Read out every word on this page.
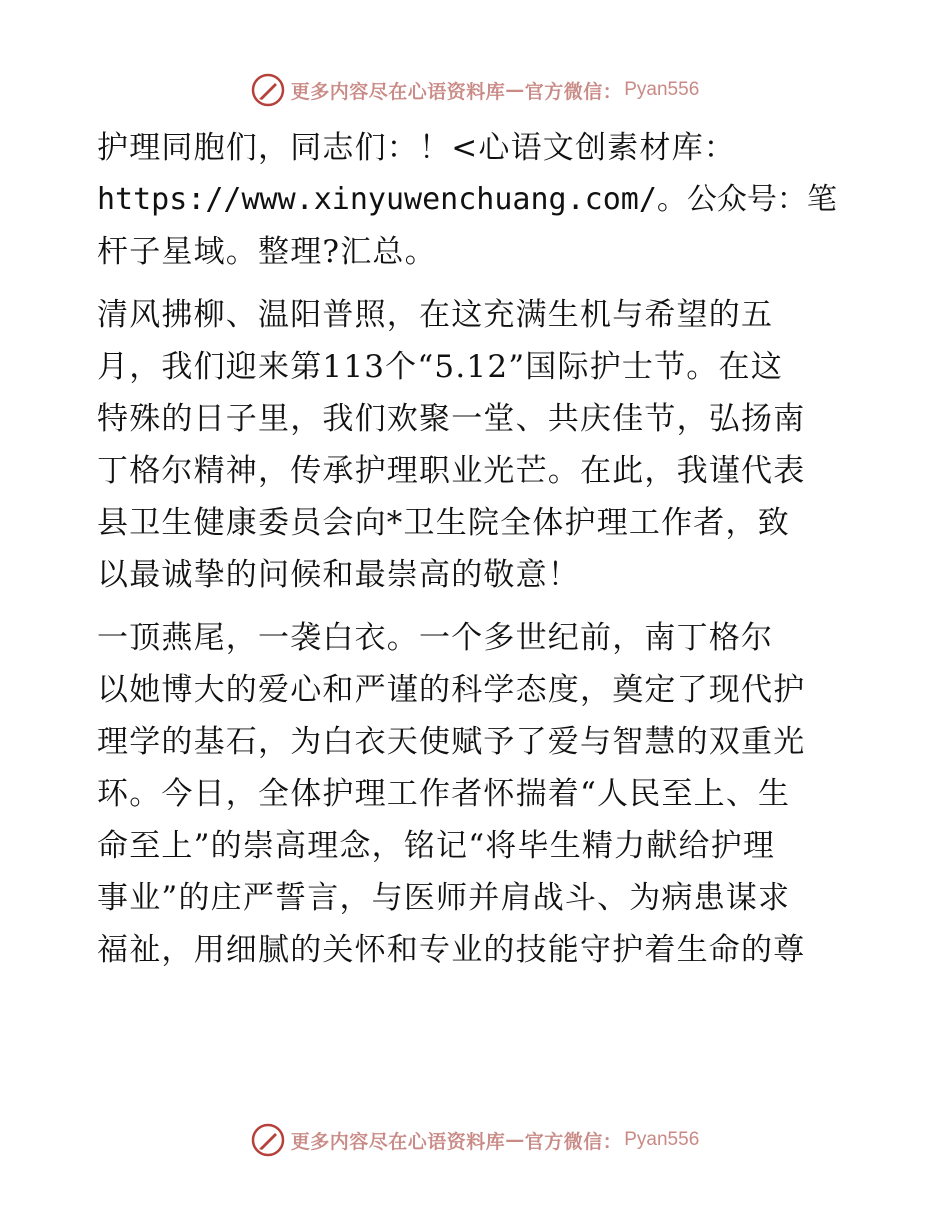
更多内容尽在心语资料库 — 官方微信： Pyan556

护理同胞们，同志们：！<心语文创素材库：
https://www.xinyuwenchuang.com/。公众号：笔
杆子星域。整理?汇总。

清风拂柳、温阳普照，在这充满生机与希望的五
月，我们迎来第113个“5.12”国际护士节。在这
特殊的日子里，我们欢聚一堂、共庆佳节，弘扬南
丁格尔精神，传承护理职业光芒。在此，我谨代表
县卫生健康委员会向*卫生院全体护理工作者，致
以最诚挚的问候和最崇高的敬意！

一顶燕尾，一袭白衣。一个多世纪前，南丁格尔
以她博大的爱心和严谨的科学态度，奠定了现代护
理学的基石，为白衣天使赋予了爱与智慧的双重光
环。今日，全体护理工作者怀揣着“人民至上、生
命至上”的崇高理念，铭记“将毕生精力献给护理
事业”的庄严誓言，与医师并肩战斗、为病患谋求
福祉，用细腻的关怀和专业的技能守护着生命的尊

更多内容尽在心语资料库 — 官方微信： Pyan556
